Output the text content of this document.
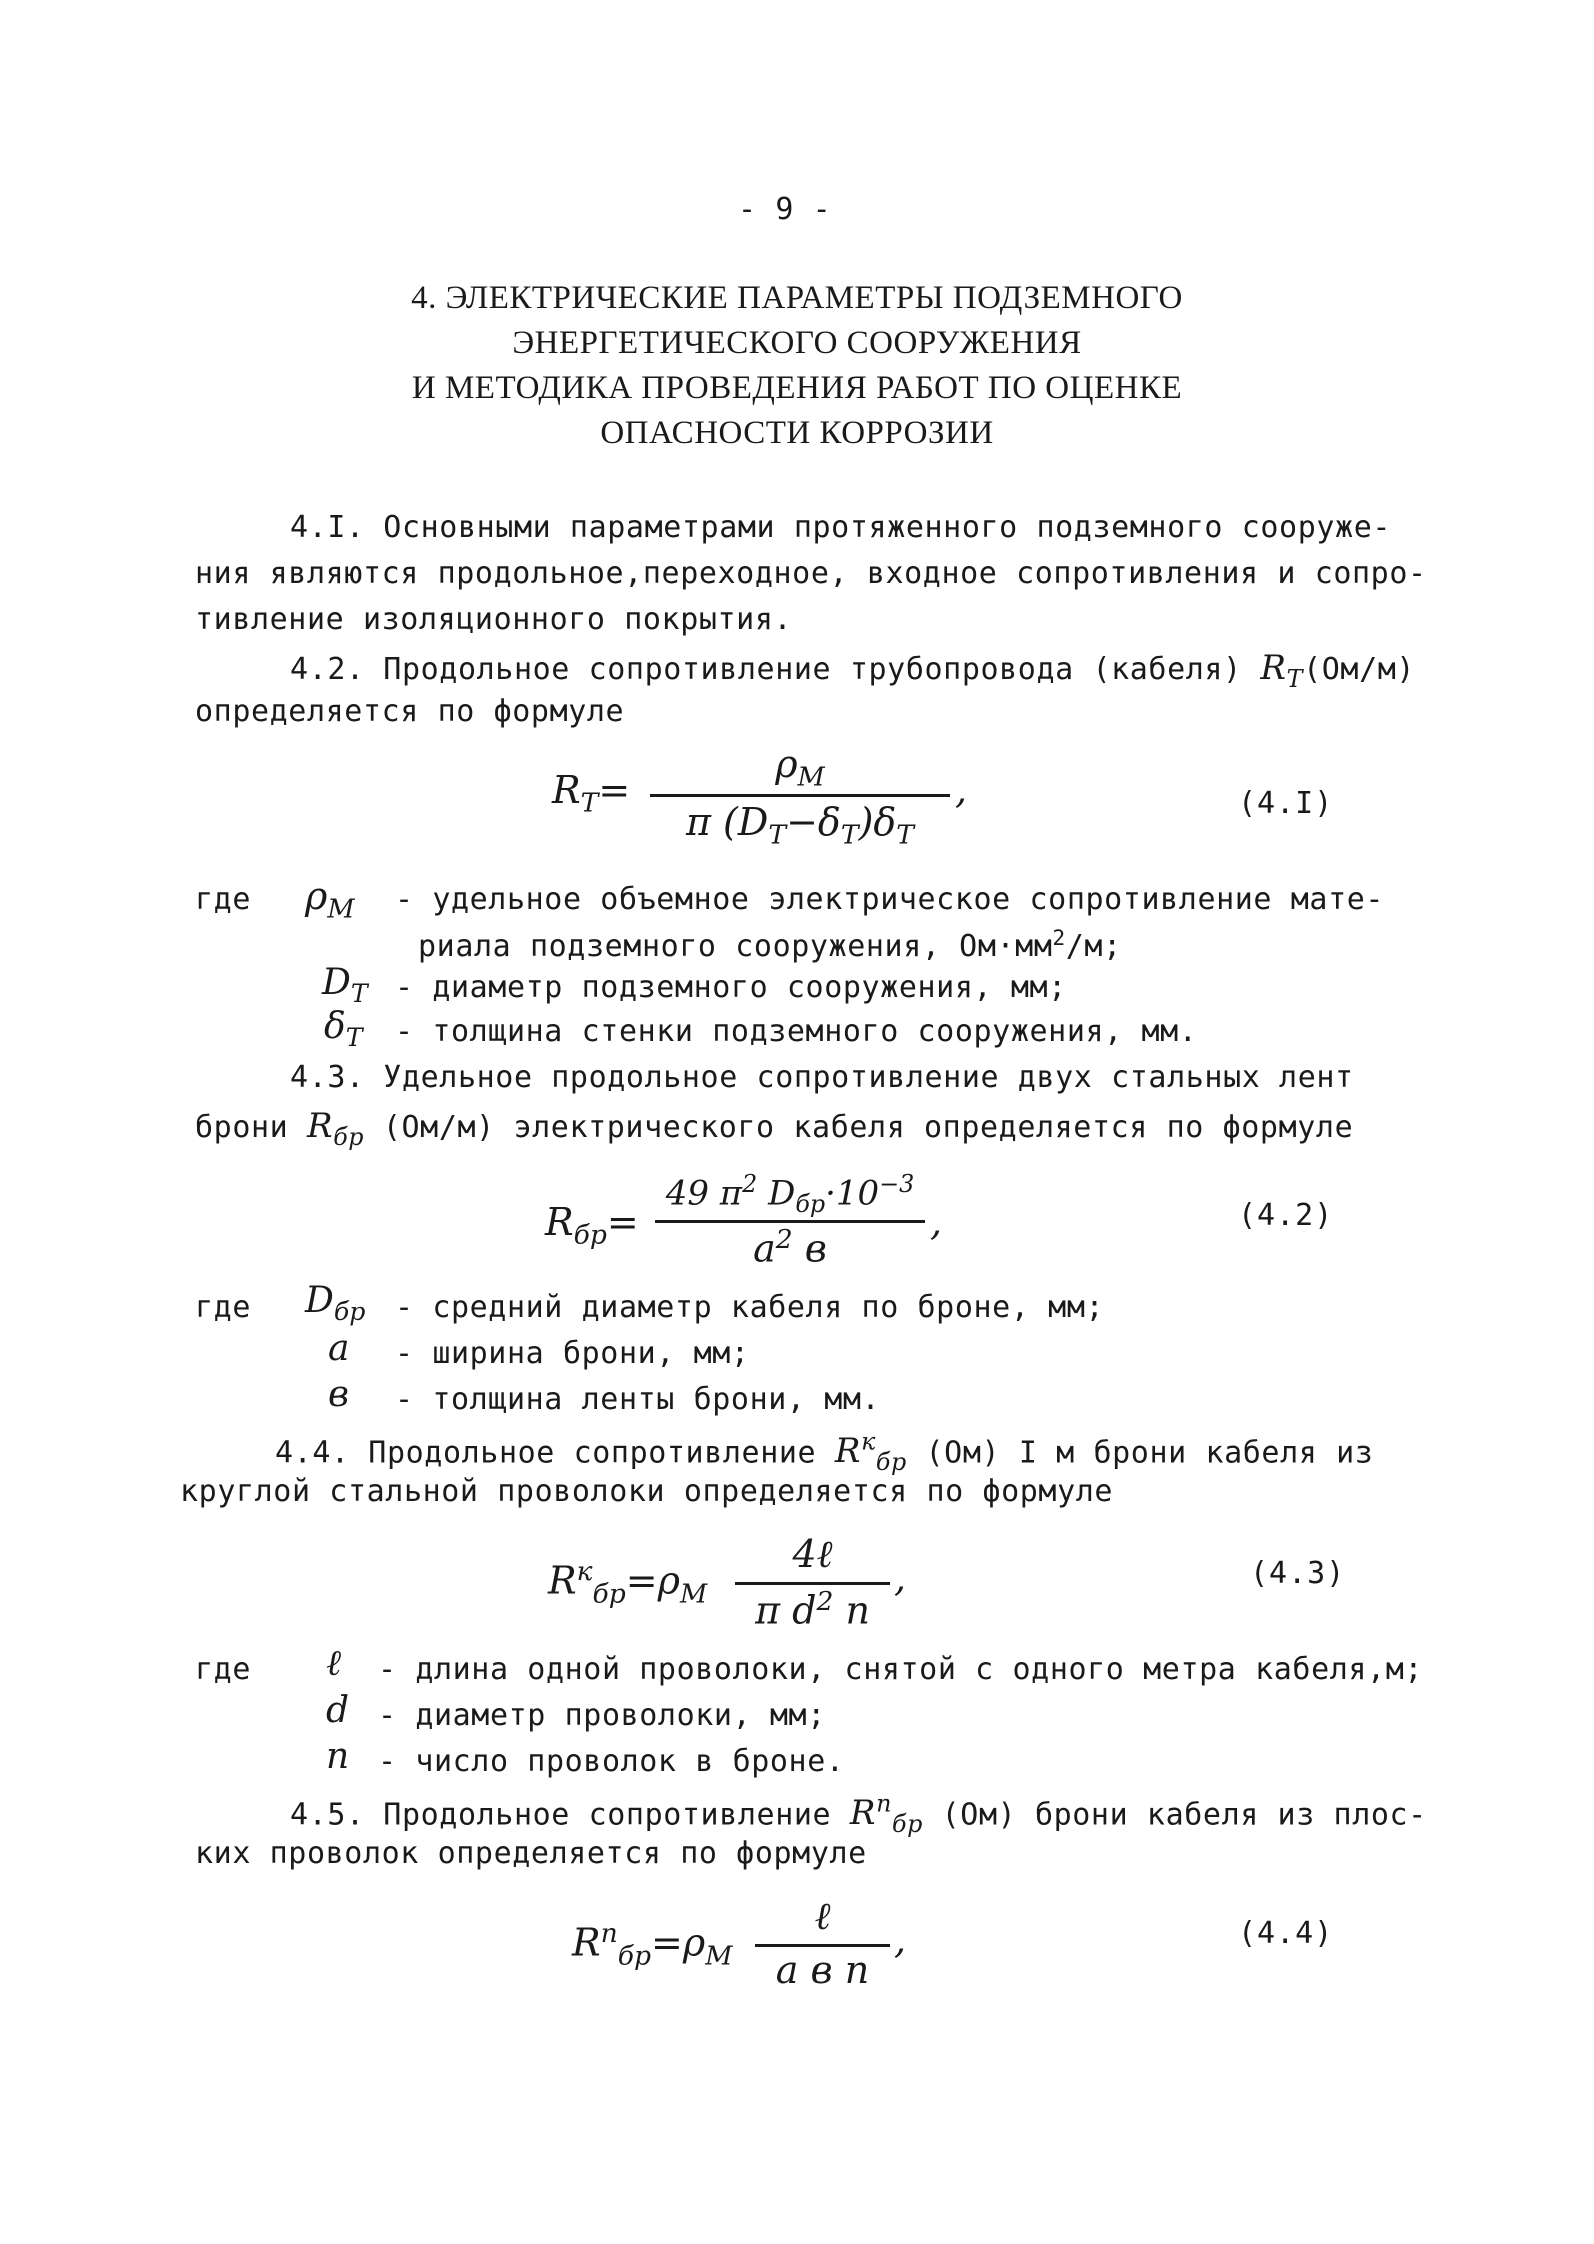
- 9 -
4. ЭЛЕКТРИЧЕСКИЕ ПАРАМЕТРЫ ПОДЗЕМНОГО
ЭНЕРГЕТИЧЕСКОГО СООРУЖЕНИЯ
И МЕТОДИКА ПРОВЕДЕНИЯ РАБОТ ПО ОЦЕНКЕ
ОПАСНОСТИ КОРРОЗИИ
4.I. Основными параметрами протяженного подземного сооруже-
ния являются продольное,переходное, входное сопротивления и сопро-
тивление изоляционного покрытия.
4.2. Продольное сопротивление трубопровода (кабеля) $R_Т(Ом/м)$
определяется по формуле
$R_Т=$
$\rho_М$
π $(D_Т-\delta_Т)\delta_Т$
,	(4.I)
где $\rho_М$ - удельное объемное электрическое сопротивление мате-
риала подземного сооружения, $Ом\cdot мм^2/м$;
$D_Т$ - диаметр подземного сооружения, мм;
$\delta_Т$ - толщина стенки подземного сооружения, мм.
4.3. Удельное продольное сопротивление двух стальных лент
брони $R_{бр}$ (Ом/м) электрического кабеля определяется по формуле
$R_{бр}=$
49 $\pi^2$ $D_{бр}\cdot 10^{-3}$
$a^2$ в
,	(4.2)
где $D_{бр}$ - средний диаметр кабеля по броне, мм;
a - ширина брони, мм;
в - толщина ленты брони, мм.
4.4. Продольное сопротивление $R^к_{бр}$ (Ом) I м брони кабеля из
круглой стальной проволоки определяется по формуле
$R^к_{бр}=\rho_М$
4ℓ
π $d^2$ n
,	(4.3)
где ℓ - длина одной проволоки, снятой с одного метра кабеля,м;
d - диаметр проволоки, мм;
n - число проволок в броне.
4.5. Продольное сопротивление $R^п_{бр}$ (Ом) брони кабеля из плос-
ких проволок определяется по формуле
$R^п_{бр}=\rho_М$
ℓ
a в n
,	(4.4)
